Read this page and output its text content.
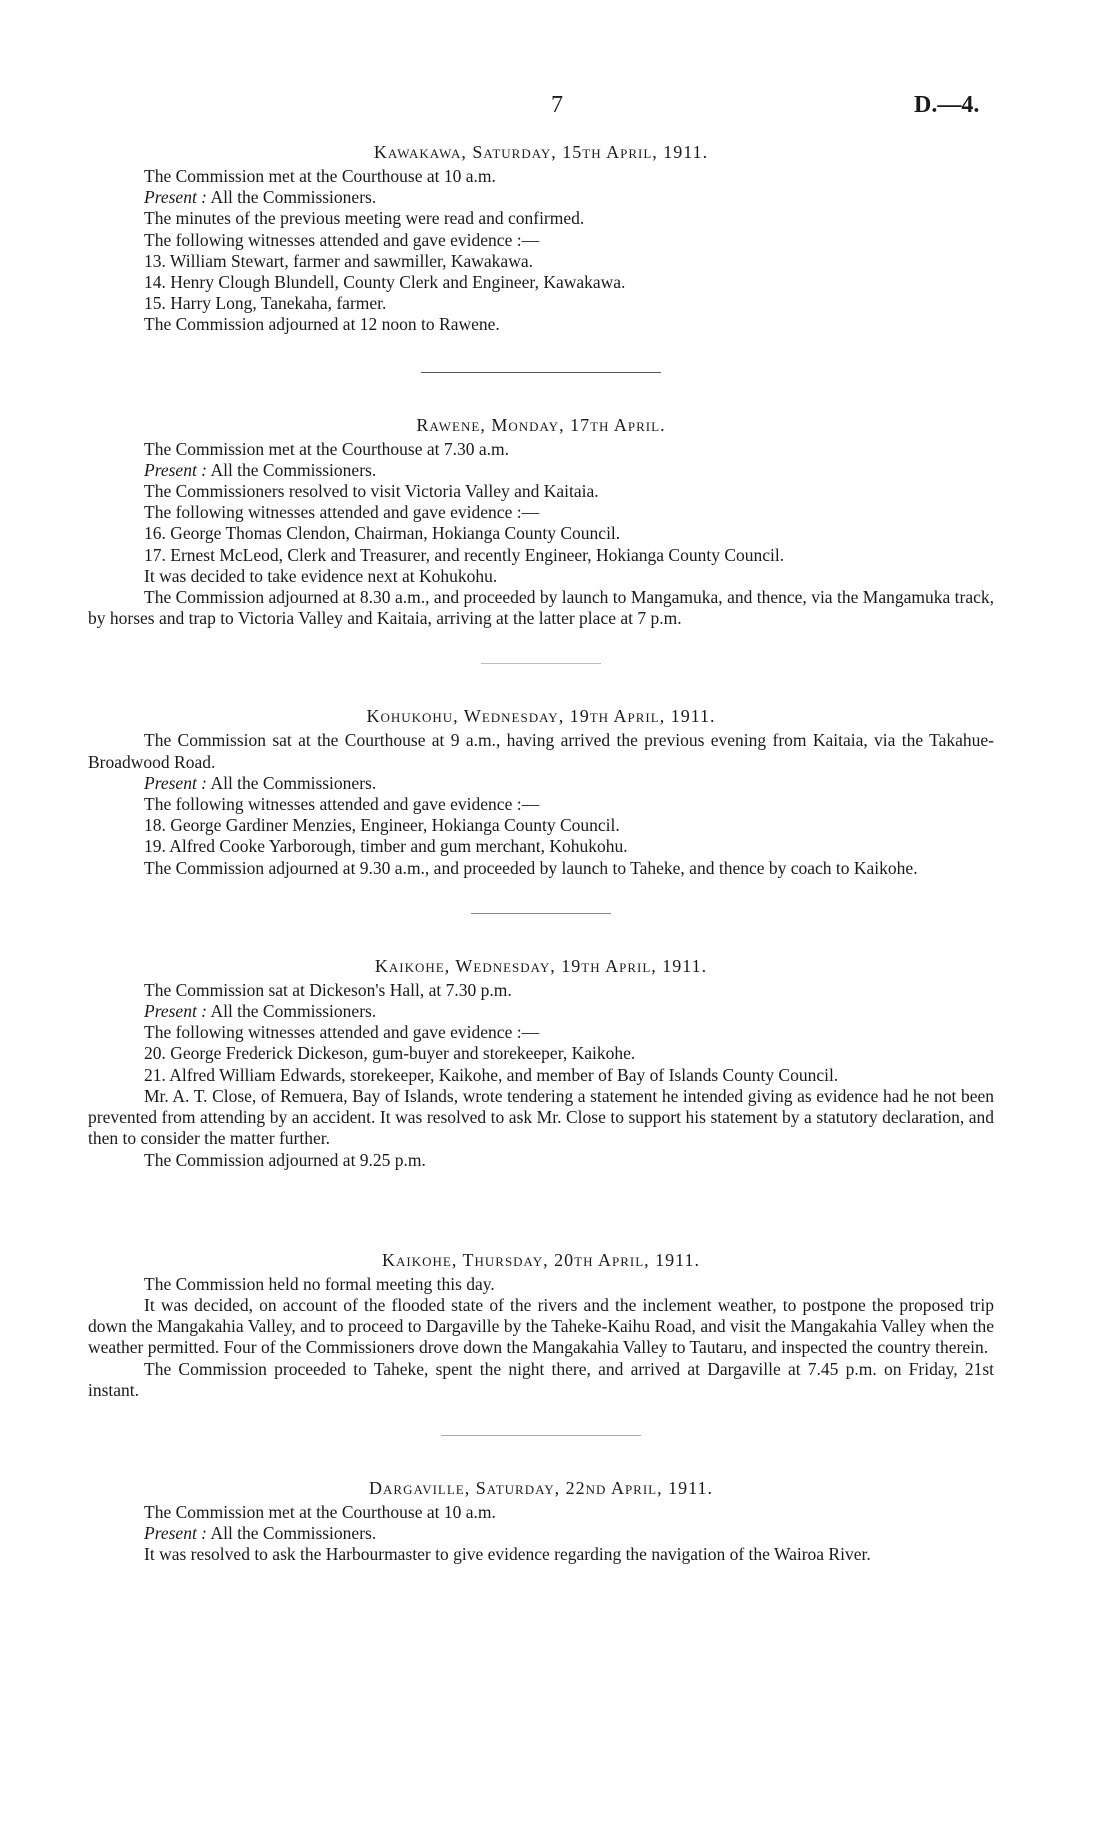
7	D.—4.
Kawakawa, Saturday, 15th April, 1911.

The Commission met at the Courthouse at 10 a.m.

Present : All the Commissioners.

The minutes of the previous meeting were read and confirmed.

The following witnesses attended and gave evidence :—

13. William Stewart, farmer and sawmiller, Kawakawa.

14. Henry Clough Blundell, County Clerk and Engineer, Kawakawa.

15. Harry Long, Tanekaha, farmer.

The Commission adjourned at 12 noon to Rawene.

Rawene, Monday, 17th April.

The Commission met at the Courthouse at 7.30 a.m.

Present : All the Commissioners.

The Commissioners resolved to visit Victoria Valley and Kaitaia.

The following witnesses attended and gave evidence :—

16. George Thomas Clendon, Chairman, Hokianga County Council.

17. Ernest McLeod, Clerk and Treasurer, and recently Engineer, Hokianga County Council.

It was decided to take evidence next at Kohukohu.

The Commission adjourned at 8.30 a.m., and proceeded by launch to Mangamuka, and thence, via the Mangamuka track, by horses and trap to Victoria Valley and Kaitaia, arriving at the latter place at 7 p.m.

Kohukohu, Wednesday, 19th April, 1911.

The Commission sat at the Courthouse at 9 a.m., having arrived the previous evening from Kaitaia, via the Takahue-Broadwood Road.

Present : All the Commissioners.

The following witnesses attended and gave evidence :—

18. George Gardiner Menzies, Engineer, Hokianga County Council.

19. Alfred Cooke Yarborough, timber and gum merchant, Kohukohu.

The Commission adjourned at 9.30 a.m., and proceeded by launch to Taheke, and thence by coach to Kaikohe.

Kaikohe, Wednesday, 19th April, 1911.

The Commission sat at Dickeson's Hall, at 7.30 p.m.

Present : All the Commissioners.

The following witnesses attended and gave evidence :—

20. George Frederick Dickeson, gum-buyer and storekeeper, Kaikohe.

21. Alfred William Edwards, storekeeper, Kaikohe, and member of Bay of Islands County Council.

Mr. A. T. Close, of Remuera, Bay of Islands, wrote tendering a statement he intended giving as evidence had he not been prevented from attending by an accident. It was resolved to ask Mr. Close to support his statement by a statutory declaration, and then to consider the matter further.

The Commission adjourned at 9.25 p.m.

Kaikohe, Thursday, 20th April, 1911.

The Commission held no formal meeting this day.

It was decided, on account of the flooded state of the rivers and the inclement weather, to postpone the proposed trip down the Mangakahia Valley, and to proceed to Dargaville by the Taheke-Kaihu Road, and visit the Mangakahia Valley when the weather permitted. Four of the Commissioners drove down the Mangakahia Valley to Tautaru, and inspected the country therein.

The Commission proceeded to Taheke, spent the night there, and arrived at Dargaville at 7.45 p.m. on Friday, 21st instant.

Dargaville, Saturday, 22nd April, 1911.

The Commission met at the Courthouse at 10 a.m.

Present : All the Commissioners.

It was resolved to ask the Harbourmaster to give evidence regarding the navigation of the Wairoa River.
